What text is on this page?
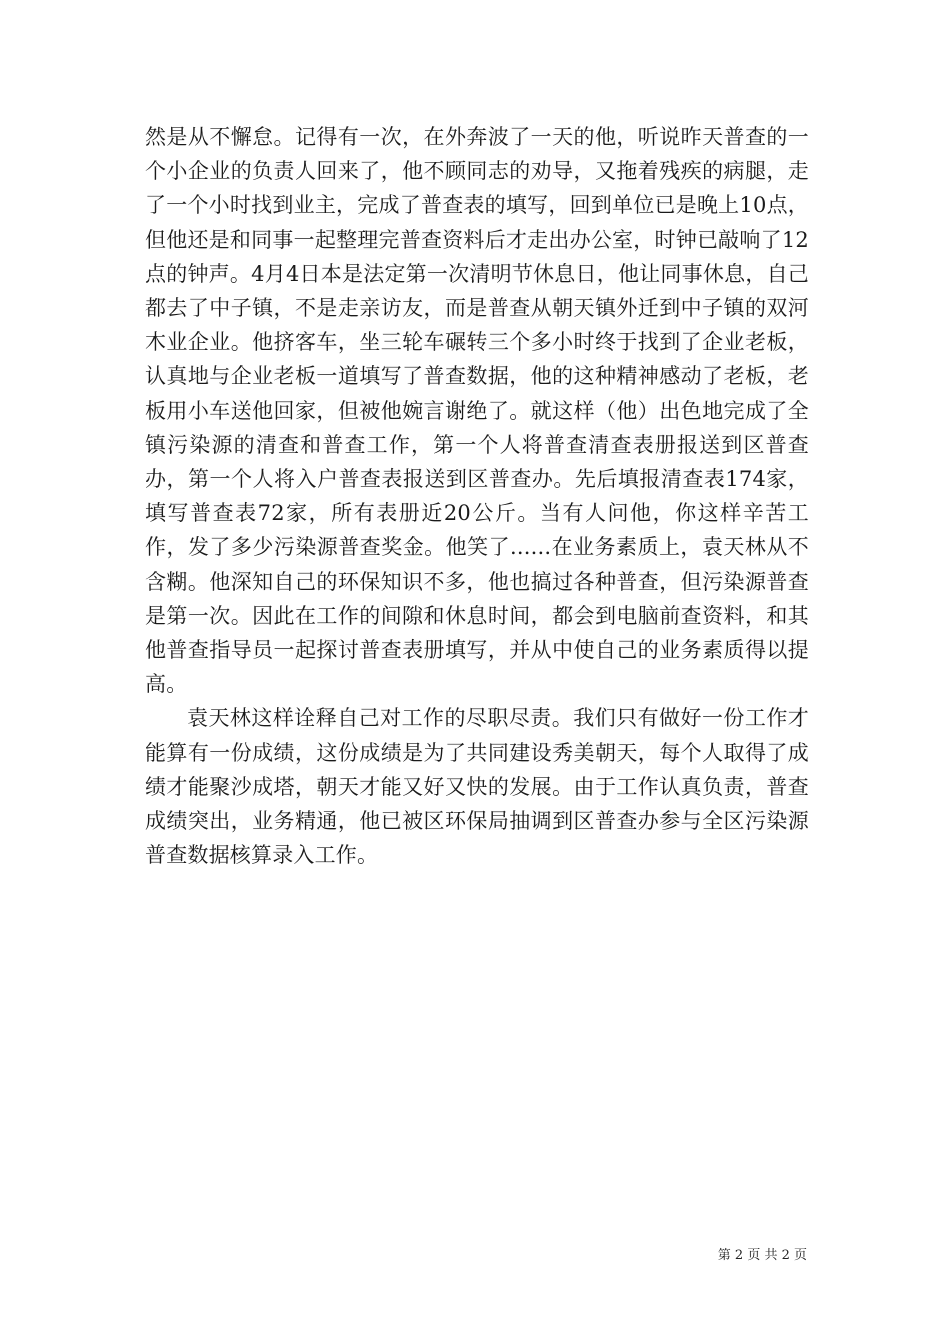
然是从不懈怠。记得有一次，在外奔波了一天的他，听说昨天普查的一个小企业的负责人回来了，他不顾同志的劝导，又拖着残疾的病腿，走了一个小时找到业主，完成了普查表的填写，回到单位已是晚上10点，但他还是和同事一起整理完普查资料后才走出办公室，时钟已敲响了12点的钟声。4月4日本是法定第一次清明节休息日，他让同事休息，自己都去了中子镇，不是走亲访友，而是普查从朝天镇外迁到中子镇的双河木业企业。他挤客车，坐三轮车碾转三个多小时终于找到了企业老板，认真地与企业老板一道填写了普查数据，他的这种精神感动了老板，老板用小车送他回家，但被他婉言谢绝了。就这样（他）出色地完成了全镇污染源的清查和普查工作，第一个人将普查清查表册报送到区普查办，第一个人将入户普查表报送到区普查办。先后填报清查表174家，填写普查表72家，所有表册近20公斤。当有人问他，你这样辛苦工作，发了多少污染源普查奖金。他笑了......在业务素质上，袁天林从不含糊。他深知自己的环保知识不多，他也搞过各种普查，但污染源普查是第一次。因此在工作的间隙和休息时间，都会到电脑前查资料，和其他普查指导员一起探讨普查表册填写，并从中使自己的业务素质得以提高。

袁天林这样诠释自己对工作的尽职尽责。我们只有做好一份工作才能算有一份成绩，这份成绩是为了共同建设秀美朝天，每个人取得了成绩才能聚沙成塔，朝天才能又好又快的发展。由于工作认真负责，普查成绩突出，业务精通，他已被区环保局抽调到区普查办参与全区污染源普查数据核算录入工作。

第 2 页 共 2 页
